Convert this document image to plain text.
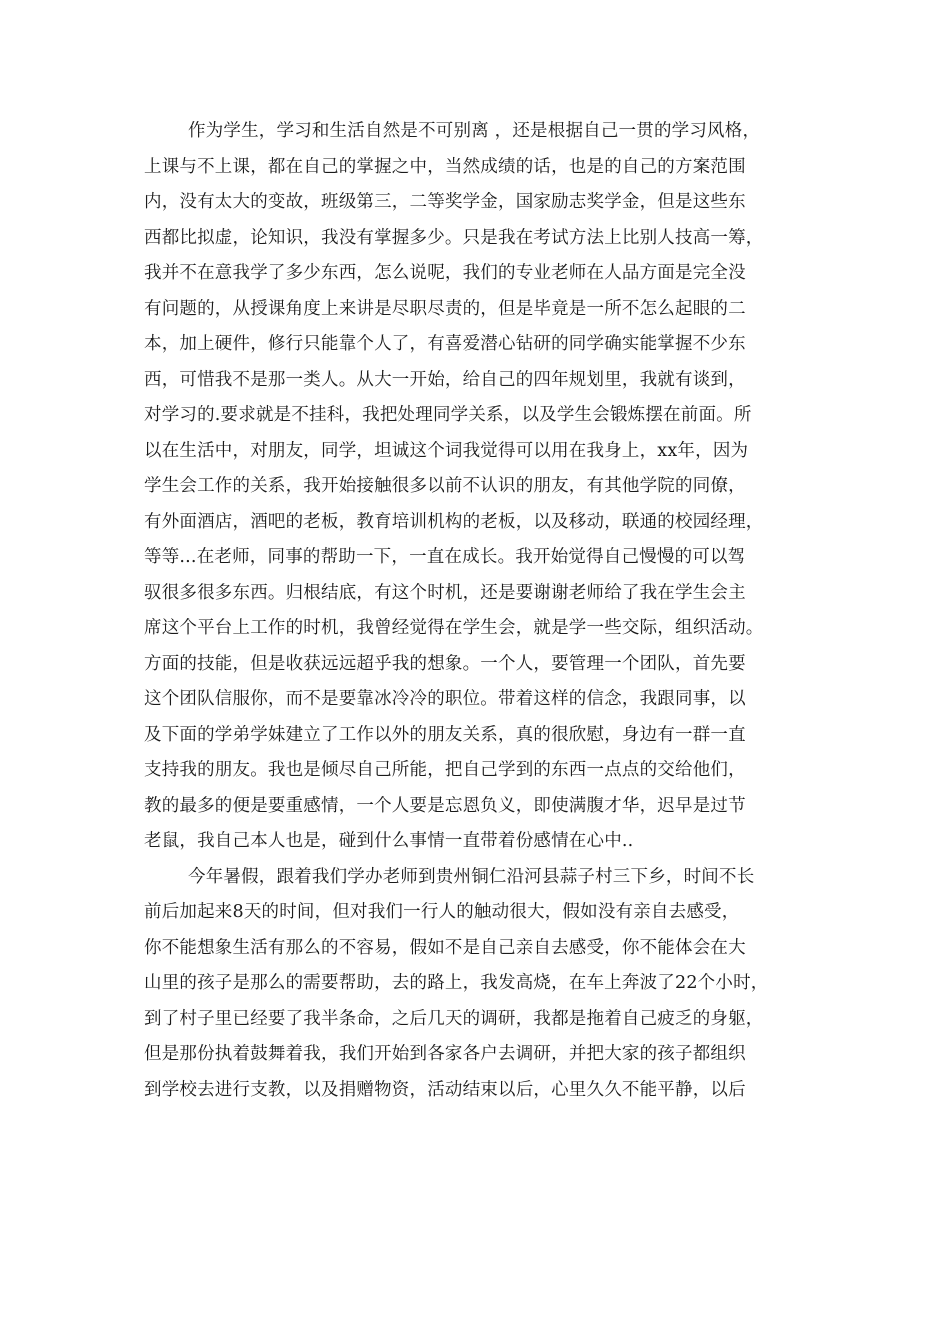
作为学生，学习和生活自然是不可别离 ，还是根据自己一贯的学习风格，
上课与不上课，都在自己的掌握之中，当然成绩的话，也是的自己的方案范围
内，没有太大的变故，班级第三，二等奖学金，国家励志奖学金，但是这些东
西都比拟虚，论知识，我没有掌握多少。只是我在考试方法上比别人技高一筹，
我并不在意我学了多少东西，怎么说呢，我们的专业老师在人品方面是完全没
有问题的，从授课角度上来讲是尽职尽责的，但是毕竟是一所不怎么起眼的二
本，加上硬件，修行只能靠个人了，有喜爱潜心钻研的同学确实能掌握不少东
西，可惜我不是那一类人。从大一开始，给自己的四年规划里，我就有谈到，
对学习的.要求就是不挂科，我把处理同学关系，以及学生会锻炼摆在前面。所
以在生活中，对朋友，同学，坦诚这个词我觉得可以用在我身上，xx年，因为
学生会工作的关系，我开始接触很多以前不认识的朋友，有其他学院的同僚，
有外面酒店，酒吧的老板，教育培训机构的老板，以及移动，联通的校园经理，
等等...在老师，同事的帮助一下，一直在成长。我开始觉得自己慢慢的可以驾
驭很多很多东西。归根结底，有这个时机，还是要谢谢老师给了我在学生会主
席这个平台上工作的时机，我曾经觉得在学生会，就是学一些交际，组织活动。
方面的技能，但是收获远远超乎我的想象。一个人，要管理一个团队，首先要
这个团队信服你，而不是要靠冰冷冷的职位。带着这样的信念，我跟同事，以
及下面的学弟学妹建立了工作以外的朋友关系，真的很欣慰，身边有一群一直
支持我的朋友。我也是倾尽自己所能，把自己学到的东西一点点的交给他们，
教的最多的便是要重感情，一个人要是忘恩负义，即使满腹才华，迟早是过节
老鼠，我自己本人也是，碰到什么事情一直带着份感情在心中..
今年暑假，跟着我们学办老师到贵州铜仁沿河县蒜子村三下乡，时间不长
前后加起来8天的时间，但对我们一行人的触动很大，假如没有亲自去感受，
你不能想象生活有那么的不容易，假如不是自己亲自去感受，你不能体会在大
山里的孩子是那么的需要帮助，去的路上，我发高烧，在车上奔波了22个小时，
到了村子里已经要了我半条命，之后几天的调研，我都是拖着自己疲乏的身躯，
但是那份执着鼓舞着我，我们开始到各家各户去调研，并把大家的孩子都组织
到学校去进行支教，以及捐赠物资，活动结束以后，心里久久不能平静，以后
